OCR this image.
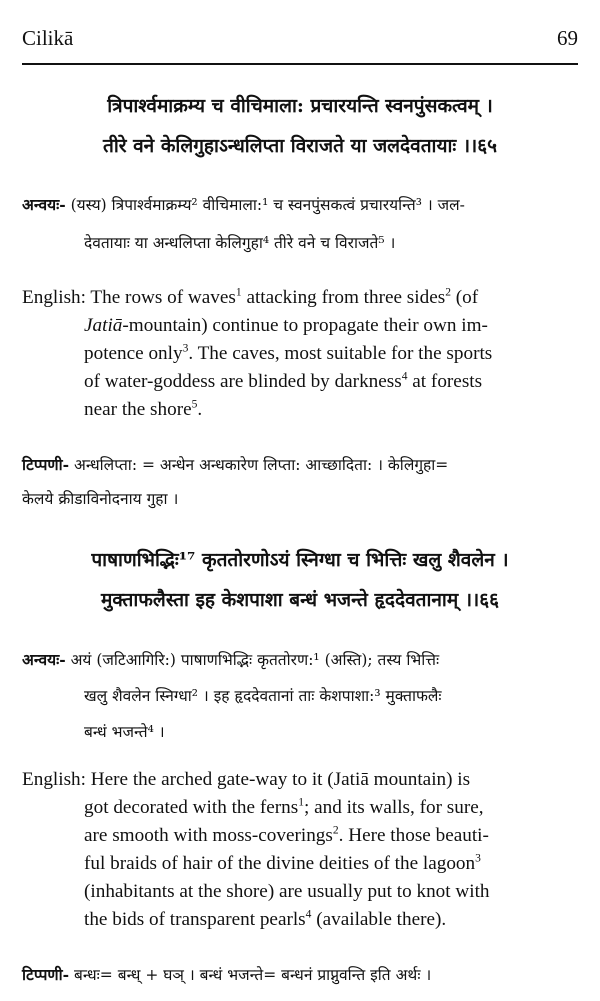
Cilikā	69
त्रिपार्श्वमाक्रम्य च वीचिमाला: प्रचारयन्ति स्वनपुंसकत्वम् ।
तीरे वने केलिगुहाऽन्धलिप्ता विराजते या जलदेवतायाः ।।६५
अन्वयः- (यस्य) त्रिपार्श्वमाक्रम्य² वीचिमाला:¹ च स्वनपुंसकत्वं प्रचारयन्ति³ । जल-
देवतायाः या अन्धलिप्ता केलिगुहा⁴ तीरे वने च विराजते⁵ ।
English: The rows of waves$^1$ attacking from three sides$^2$ (of
Jatiā-mountain) continue to propagate their own im-
potence only$^3$. The caves, most suitable for the sports
of water-goddess are blinded by darkness$^4$ at forests
near the shore$^5$.
टिप्पणी- अन्धलिप्ता: = अन्धेन अन्धकारेण लिप्ता: आच्छादिता: । केलिगुहा=
केलये क्रीडाविनोदनाय गुहा ।
पाषाणभिद्भिः¹⁷ कृततोरणोऽयं स्निग्धा च भित्तिः खलु शैवलेन ।
मुक्ताफलैस्ता इह केशपाशा बन्धं भजन्ते हृददेवतानाम् ।।६६
अन्वयः- अयं (जटिआगिरि:) पाषाणभिद्भिः कृततोरण:¹ (अस्ति); तस्य भित्तिः
खलु शैवलेन स्निग्धा² । इह हृददेवतानां ताः केशपाशा:³ मुक्ताफलैः
बन्धं भजन्ते⁴ ।
English: Here the arched gate-way to it (Jatiā mountain) is
got decorated with the ferns$^1$; and its walls, for sure,
are smooth with moss-coverings$^2$. Here those beauti-
ful braids of hair of the divine deities of the lagoon$^3$
(inhabitants at the shore) are usually put to knot with
the bids of transparent pearls$^4$ (available there).
टिप्पणी- बन्धः= बन्ध् + घञ् । बन्धं भजन्ते= बन्धनं प्राप्नुवन्ति इति अर्थः ।
